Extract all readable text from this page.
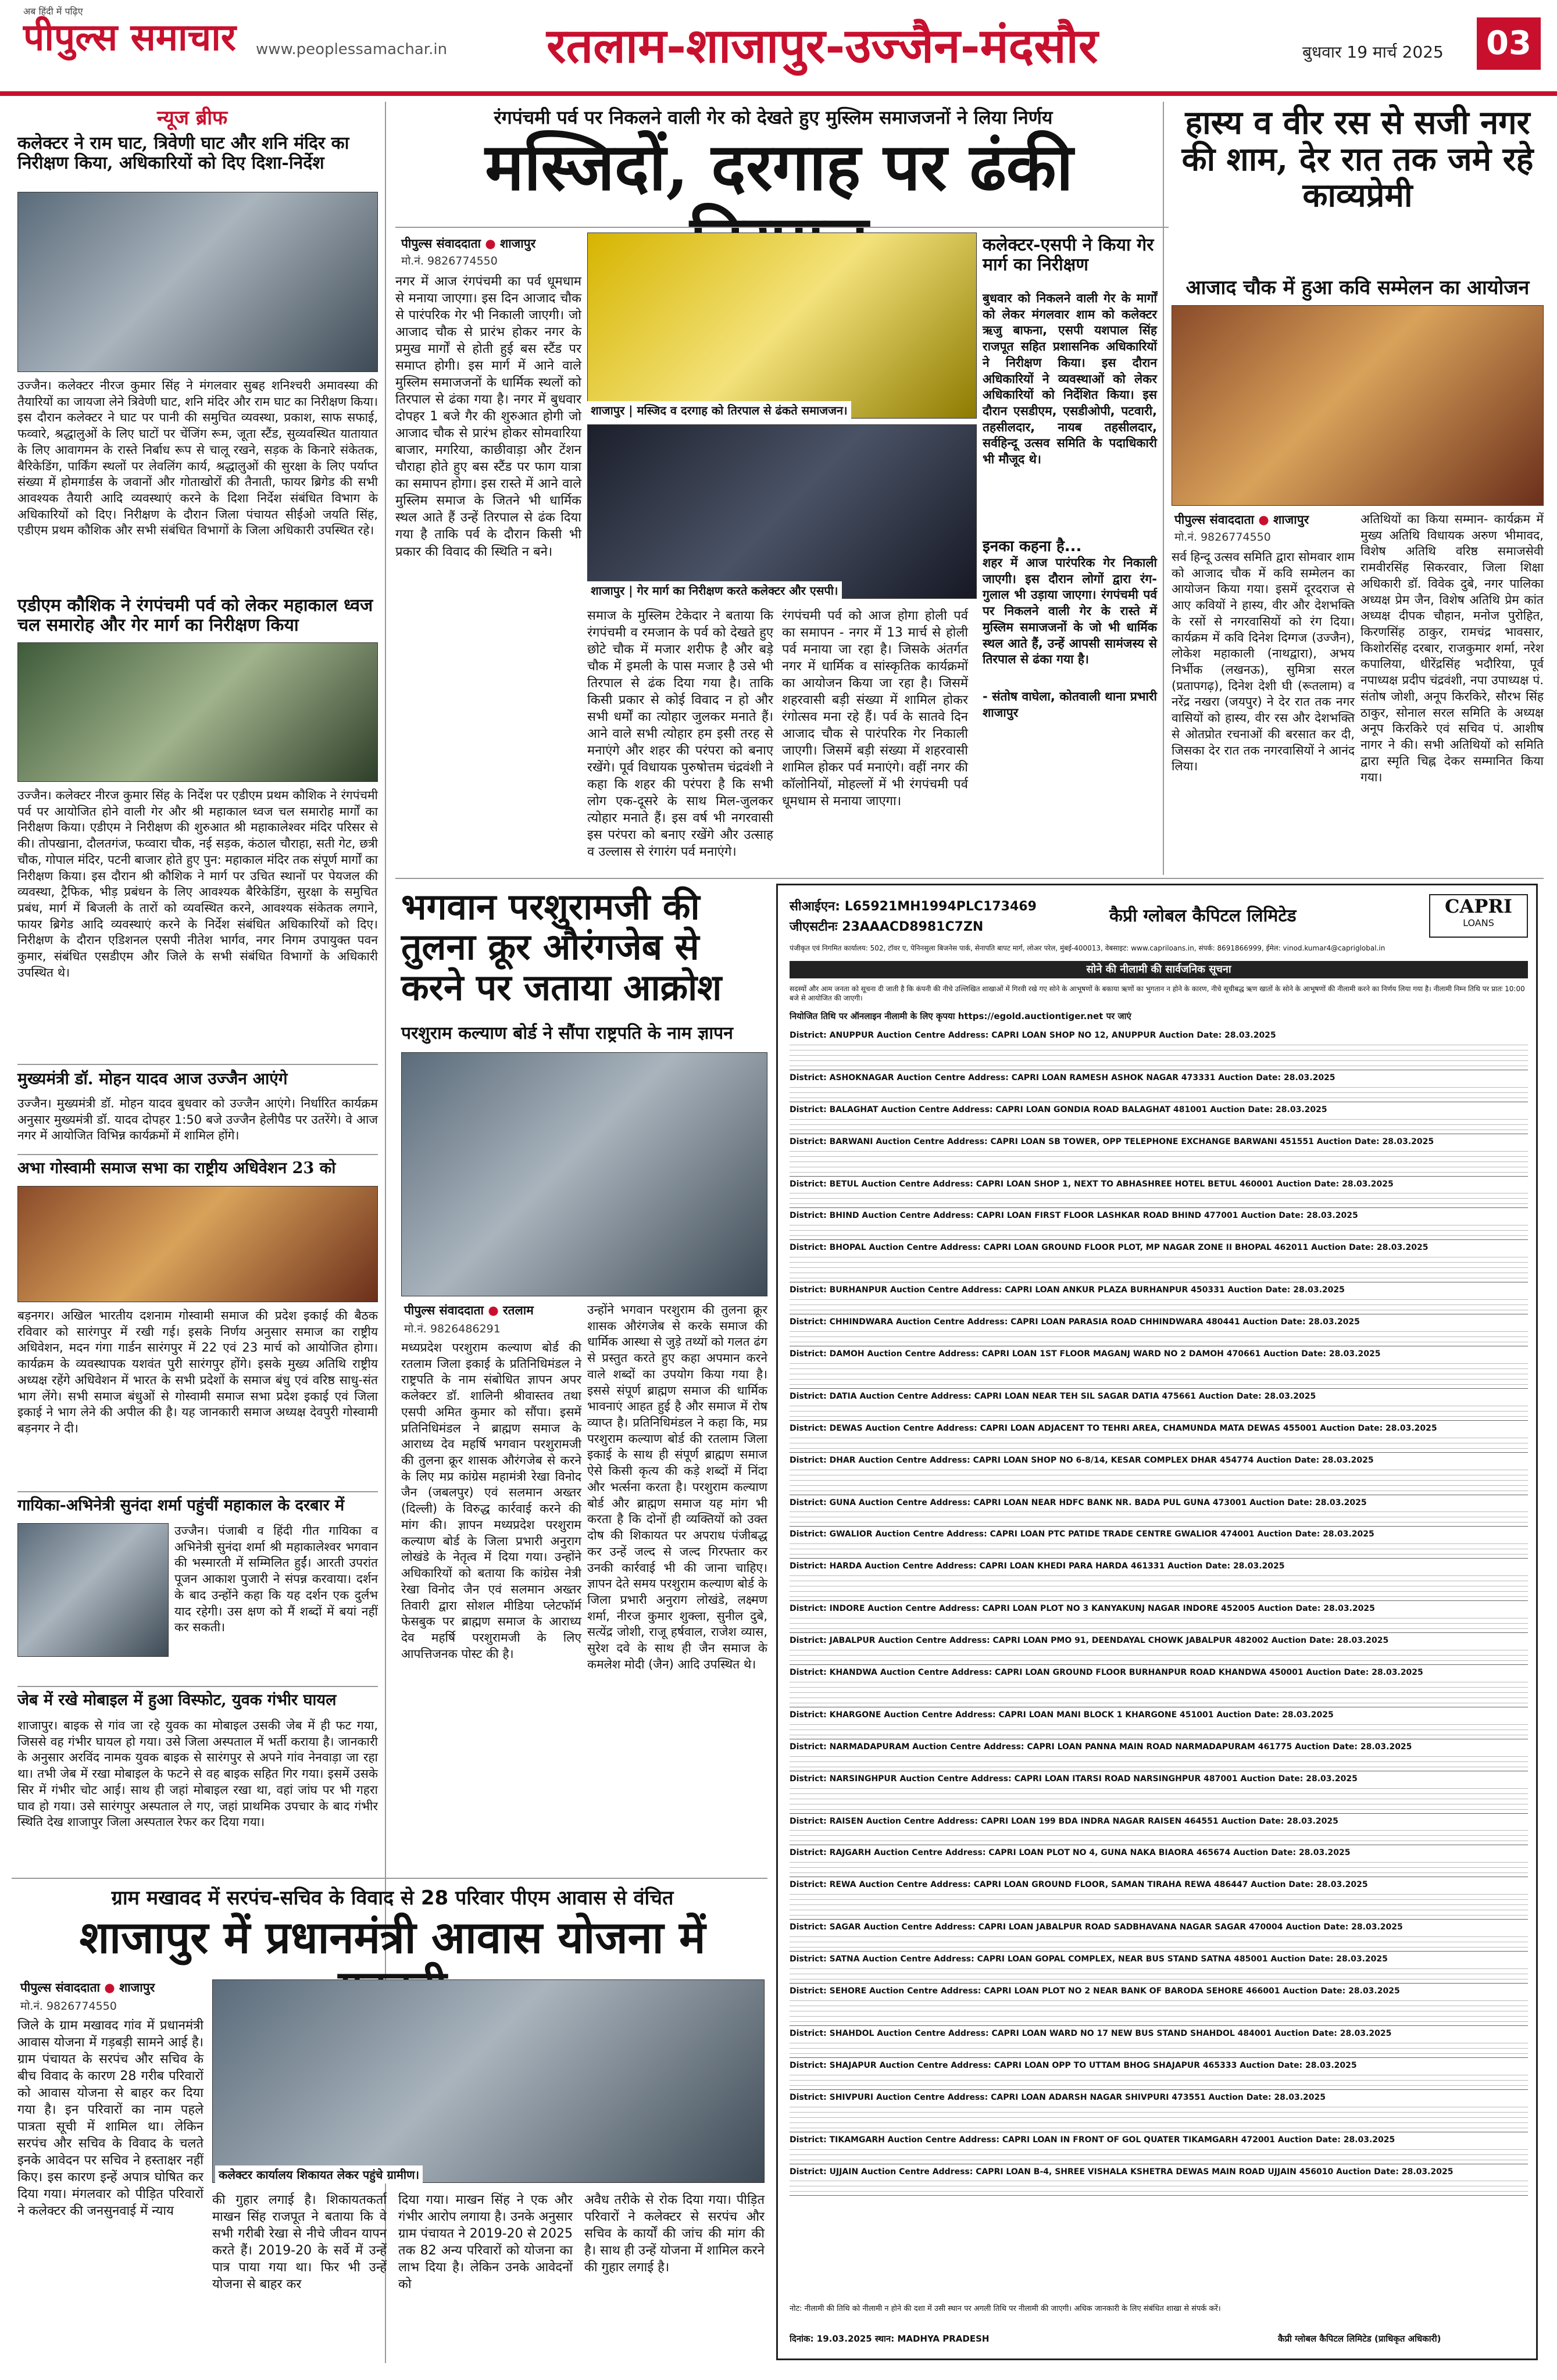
अब हिंदी में पढ़िए
पीपुल्स समाचार www.peoplessamachar.in रतलाम-शाजापुर-उज्जैन-मंदसौर	बुधवार 19 मार्च 2025 03
न्यूज ब्रीफ
कलेक्टर ने राम घाट, त्रिवेणी घाट और शनि मंदिर का निरीक्षण किया, अधिकारियों को दिए दिशा-निर्देश
उज्जैन। कलेक्टर नीरज कुमार सिंह ने मंगलवार सुबह शनिश्चरी अमावस्या की तैयारियों का जायजा लेने त्रिवेणी घाट, शनि मंदिर और राम घाट का निरीक्षण किया। इस दौरान कलेक्टर ने घाट पर पानी की समुचित व्यवस्था, प्रकाश, साफ सफाई, फव्वारे, श्रद्धालुओं के लिए घाटों पर चेंजिंग रूम, जूता स्टैंड, सुव्यवस्थित यातायात के लिए आवागमन के रास्ते निर्बाध रूप से चालू रखने, सड़क के किनारे संकेतक, बैरिकेडिंग, पार्किंग स्थलों पर लेवलिंग कार्य, श्रद्धालुओं की सुरक्षा के लिए पर्याप्त संख्या में होमगार्डस के जवानों और गोताखोरों की तैनाती, फायर ब्रिगेड की सभी आवश्यक तैयारी आदि व्यवस्थाएं करने के दिशा निर्देश संबंधित विभाग के अधिकारियों को दिए। निरीक्षण के दौरान जिला पंचायत सीईओ जयति सिंह, एडीएम प्रथम कौशिक और सभी संबंधित विभागों के जिला अधिकारी उपस्थित रहे।
एडीएम कौशिक ने रंगपंचमी पर्व को लेकर महाकाल ध्वज चल समारोह और गेर मार्ग का निरीक्षण किया
उज्जैन। कलेक्टर नीरज कुमार सिंह के निर्देश पर एडीएम प्रथम कौशिक ने रंगपंचमी पर्व पर आयोजित होने वाली गेर और श्री महाकाल ध्वज चल समारोह मार्गों का निरीक्षण किया। एडीएम ने निरीक्षण की शुरुआत श्री महाकालेश्वर मंदिर परिसर से की। तोपखाना, दौलतगंज, फव्वारा चौक, नई सड़क, कंठाल चौराहा, सती गेट, छत्री चौक, गोपाल मंदिर, पटनी बाजार होते हुए पुन: महाकाल मंदिर तक संपूर्ण मार्गों का निरीक्षण किया। इस दौरान श्री कौशिक ने मार्ग पर उचित स्थानों पर पेयजल की व्यवस्था, ट्रैफिक, भीड़ प्रबंधन के लिए आवश्यक बैरिकेडिंग, सुरक्षा के समुचित प्रबंध, मार्ग में बिजली के तारों को व्यवस्थित करने, आवश्यक संकेतक लगाने, फायर ब्रिगेड आदि व्यवस्थाएं करने के निर्देश संबंधित अधिकारियों को दिए। निरीक्षण के दौरान एडिशनल एसपी नीतेश भार्गव, नगर निगम उपायुक्त पवन कुमार, संबंधित एसडीएम और जिले के सभी संबंधित विभागों के अधिकारी उपस्थित थे।
मुख्यमंत्री डॉ. मोहन यादव आज उज्जैन आएंगे
उज्जैन। मुख्यमंत्री डॉ. मोहन यादव बुधवार को उज्जैन आएंगे। निर्धारित कार्यक्रम अनुसार मुख्यमंत्री डॉ. यादव दोपहर 1:50 बजे उज्जैन हेलीपैड पर उतरेंगे। वे आज नगर में आयोजित विभिन्न कार्यक्रमों में शामिल होंगे।
अभा गोस्वामी समाज सभा का राष्ट्रीय अधिवेशन 23 को
बड़नगर। अखिल भारतीय दशनाम गोस्वामी समाज की प्रदेश इकाई की बैठक रविवार को सारंगपुर में रखी गई। इसके निर्णय अनुसार समाज का राष्ट्रीय अधिवेशन, मदन गंगा गार्डन सारंगपुर में 22 एवं 23 मार्च को आयोजित होगा। कार्यक्रम के व्यवस्थापक यशवंत पुरी सारंगपुर होंगे। इसके मुख्य अतिथि राष्ट्रीय अध्यक्ष रहेंगे अधिवेशन में भारत के सभी प्रदेशों के समाज बंधु एवं वरिष्ठ साधु-संत भाग लेंगे। सभी समाज बंधुओं से गोस्वामी समाज सभा प्रदेश इकाई एवं जिला इकाई ने भाग लेने की अपील की है। यह जानकारी समाज अध्यक्ष देवपुरी गोस्वामी बड़नगर ने दी।
गायिका-अभिनेत्री सुनंदा शर्मा पहुंचीं महाकाल के दरबार में
उज्जैन। पंजाबी व हिंदी गीत गायिका व अभिनेत्री सुनंदा शर्मा श्री महाकालेश्वर भगवान की भस्मारती में सम्मिलित हुईं। आरती उपरांत पूजन आकाश पुजारी ने संपन्न करवाया। दर्शन के बाद उन्होंने कहा कि यह दर्शन एक दुर्लभ याद रहेगी। उस क्षण को मैं शब्दों में बयां नहीं कर सकती।
जेब में रखे मोबाइल में हुआ विस्फोट, युवक गंभीर घायल
शाजापुर। बाइक से गांव जा रहे युवक का मोबाइल उसकी जेब में ही फट गया, जिससे वह गंभीर घायल हो गया। उसे जिला अस्पताल में भर्ती कराया है। जानकारी के अनुसार अरविंद नामक युवक बाइक से सारंगपुर से अपने गांव नेनवाड़ा जा रहा था। तभी जेब में रखा मोबाइल के फटने से वह बाइक सहित गिर गया। इसमें उसके सिर में गंभीर चोट आई। साथ ही जहां मोबाइल रखा था, वहां जांघ पर भी गहरा घाव हो गया। उसे सारंगपुर अस्पताल ले गए, जहां प्राथमिक उपचार के बाद गंभीर स्थिति देख शाजापुर जिला अस्पताल रेफर कर दिया गया।
रंगपंचमी पर्व पर निकलने वाली गेर को देखते हुए मुस्लिम समाजजनों ने लिया निर्णय
मस्जिदों, दरगाह पर ढंकी
पीपुल्स संवाददाता ● शाजापुर
मो.नं. 9826774550
नगर में आज रंगपंचमी का पर्व धूमधाम से मनाया जाएगा। इस दिन आजाद चौक से पारंपरिक गेर भी निकाली जाएगी। जो आजाद चौक से प्रारंभ होकर नगर के प्रमुख मार्गों से होती हुई बस स्टैंड पर समाप्त होगी। इस मार्ग में आने वाले मुस्लिम समाजजनों के धार्मिक स्थलों को तिरपाल से ढंका गया है। नगर में बुधवार दोपहर 1 बजे गैर की शुरुआत होगी जो आजाद चौक से प्रारंभ होकर सोमवारिया बाजार, मगरिया, काछीवाड़ा और टेंशन चौराहा होते हुए बस स्टैंड पर फाग यात्रा का समापन होगा। इस रास्ते में आने वाले मुस्लिम समाज के जितने भी धार्मिक स्थल आते हैं उन्हें तिरपाल से ढंक दिया गया है ताकि पर्व के दौरान किसी भी प्रकार की विवाद की स्थिति न बने।
समाज के मुस्लिम टेकेदार ने बताया कि रंगपंचमी व रमजान के पर्व को देखते हुए छोटे चौक में मजार शरीफ है और बड़े चौक में इमली के पास मजार है उसे भी तिरपाल से ढंक दिया गया है। ताकि किसी प्रकार से कोई विवाद न हो और सभी धर्मों का त्योहार जुलकर मनाते हैं। आने वाले सभी त्योहार हम इसी तरह से मनाएंगे और शहर की परंपरा को बनाए रखेंगे। पूर्व विधायक पुरुषोत्तम चंद्रवंशी ने कहा कि शहर की परंपरा है कि सभी लोग एक-दूसरे के साथ मिल-जुलकर त्योहार मनाते हैं। इस वर्ष भी नगरवासी इस परंपरा को बनाए रखेंगे और उत्साह व उल्लास से रंगारंग पर्व मनाएंगे।
रंगपंचमी पर्व को आज होगा होली पर्व का समापन - नगर में 13 मार्च से होली पर्व मनाया जा रहा है। जिसके अंतर्गत नगर में धार्मिक व सांस्कृतिक कार्यक्रमों का आयोजन किया जा रहा है। जिसमें शहरवासी बड़ी संख्या में शामिल होकर रंगोत्सव मना रहे हैं। पर्व के सातवे दिन आजाद चौक से पारंपरिक गेर निकाली जाएगी। जिसमें बड़ी संख्या में शहरवासी शामिल होकर पर्व मनाएंगे। वहीं नगर की कॉलोनियों, मोहल्लों में भी रंगपंचमी पर्व धूमधाम से मनाया जाएगा।
शाजापुर | मस्जिद व दरगाह को तिरपाल से ढंकते समाजजन।
शाजापुर | गेर मार्ग का निरीक्षण करते कलेक्टर और एसपी।
कलेक्टर-एसपी ने किया गेर मार्ग का निरीक्षण
बुधवार को निकलने वाली गेर के मार्गों को लेकर मंगलवार शाम को कलेक्टर ऋजु बाफना, एसपी यशपाल सिंह राजपूत सहित प्रशासनिक अधिकारियों ने निरीक्षण किया। इस दौरान अधिकारियों ने व्यवस्थाओं को लेकर अधिकारियों को निर्देशित किया। इस दौरान एसडीएम, एसडीओपी, पटवारी, तहसीलदार, नायब तहसीलदार, सर्वहिन्दू उत्सव समिति के पदाधिकारी भी मौजूद थे।
इनका कहना है...
शहर में आज पारंपरिक गेर निकाली जाएगी। इस दौरान लोगों द्वारा रंग-गुलाल भी उड़ाया जाएगा। रंगपंचमी पर्व पर निकलने वाली गेर के रास्ते में मुस्लिम समाजजनों के जो भी धार्मिक स्थल आते हैं, उन्हें आपसी सामंजस्य से तिरपाल से ढंका गया है।
- संतोष वाघेला, कोतवाली थाना प्रभारी शाजापुर
हास्य व वीर रस से सजी नगर की शाम, देर रात तक जमे रहे काव्यप्रेमी
आजाद चौक में हुआ कवि सम्मेलन का आयोजन
पीपुल्स संवाददाता ● शाजापुर
मो.नं. 9826774550
सर्व हिन्दू उत्सव समिति द्वारा सोमवार शाम को आजाद चौक में कवि सम्मेलन का आयोजन किया गया। इसमें दूरदराज से आए कवियों ने हास्य, वीर और देशभक्ति के रसों से नगरवासियों को रंग दिया। कार्यक्रम में कवि दिनेश दिग्गज (उज्जैन), लोकेश महाकाली (नाथद्वारा), अभय निर्भीक (लखनऊ), सुमित्रा सरल (प्रतापगढ़), दिनेश देशी घी (रूतलाम) व नरेंद्र नखरा (जयपुर) ने देर रात तक नगर वासियों को हास्य, वीर रस और देशभक्ति से ओतप्रोत रचनाओं की बरसात कर दी, जिसका देर रात तक नगरवासियों ने आनंद लिया।
अतिथियों का किया सम्मान- कार्यक्रम में मुख्य अतिथि विधायक अरुण भीमावद, विशेष अतिथि वरिष्ठ समाजसेवी रामवीरसिंह सिकरवार, जिला शिक्षा अधिकारी डॉ. विवेक दुबे, नगर पालिका अध्यक्ष प्रेम जैन, विशेष अतिथि प्रेम कांत अध्यक्ष दीपक चौहान, मनोज पुरोहित, किरणसिंह ठाकुर, रामचंद्र भावसार, किशोरसिंह दरबार, राजकुमार शर्मा, नरेश कपालिया, धीरेंद्रसिंह भदौरिया, पूर्व नपाध्यक्ष प्रदीप चंद्रवंशी, नपा उपाध्यक्ष पं. संतोष जोशी, अनूप किरकिरे, सौरभ सिंह ठाकुर, सोनाल सरल समिति के अध्यक्ष अनूप किरकिरे एवं सचिव पं. आशीष नागर ने की। सभी अतिथियों को समिति द्वारा स्मृति चिह्न देकर सम्मानित किया गया।
भगवान परशुरामजी की तुलना क्रूर औरंगजेब से करने पर जताया आक्रोश
परशुराम कल्याण बोर्ड ने सौंपा राष्ट्रपति के नाम ज्ञापन
पीपुल्स संवाददाता ● रतलाम
मो.नं. 9826486291
मध्यप्रदेश परशुराम कल्याण बोर्ड की रतलाम जिला इकाई के प्रतिनिधिमंडल ने राष्ट्रपति के नाम संबोधित ज्ञापन अपर कलेक्टर डॉ. शालिनी श्रीवास्तव तथा एसपी अमित कुमार को सौंपा। इसमें प्रतिनिधिमंडल ने ब्राह्मण समाज के आराध्य देव महर्षि भगवान परशुरामजी की तुलना क्रूर शासक औरंगजेब से करने के लिए मप्र कांग्रेस महामंत्री रेखा विनोद जैन (जबलपुर) एवं सलमान अख्तर (दिल्ली) के विरुद्ध कार्रवाई करने की मांग की। ज्ञापन मध्यप्रदेश परशुराम कल्याण बोर्ड के जिला प्रभारी अनुराग लोखंडे के नेतृत्व में दिया गया। उन्होंने अधिकारियों को बताया कि कांग्रेस नेत्री रेखा विनोद जैन एवं सलमान अख्तर तिवारी द्वारा सोशल मीडिया प्लेटफॉर्म फेसबुक पर ब्राह्मण समाज के आराध्य देव महर्षि परशुरामजी के लिए आपत्तिजनक पोस्ट की है।
उन्होंने भगवान परशुराम की तुलना क्रूर शासक औरंगजेब से करके समाज की धार्मिक आस्था से जुड़े तथ्यों को गलत ढंग से प्रस्तुत करते हुए कहा अपमान करने वाले शब्दों का उपयोग किया गया है। इससे संपूर्ण ब्राह्मण समाज की धार्मिक भावनाएं आहत हुई है और समाज में रोष व्याप्त है। प्रतिनिधिमंडल ने कहा कि, मप्र परशुराम कल्याण बोर्ड की रतलाम जिला इकाई के साथ ही संपूर्ण ब्राह्मण समाज ऐसे किसी कृत्य की कड़े शब्दों में निंदा और भर्त्सना करता है। परशुराम कल्याण बोर्ड और ब्राह्मण समाज यह मांग भी करता है कि दोनों ही व्यक्तियों को उक्त दोष की शिकायत पर अपराध पंजीबद्ध कर उन्हें जल्द से जल्द गिरफ्तार कर उनकी कार्रवाई भी की जाना चाहिए। ज्ञापन देते समय परशुराम कल्याण बोर्ड के जिला प्रभारी अनुराग लोखंडे, लक्ष्मण शर्मा, नीरज कुमार शुक्ला, सुनील दुबे, सत्येंद्र जोशी, राजू हर्षवाल, राजेश व्यास, सुरेश दवे के साथ ही जैन समाज के कमलेश मोदी (जैन) आदि उपस्थित थे।
सीआईएन: L65921MH1994PLC173469
जीएसटीनः 23AAACD8981C7ZN
कैप्री ग्लोबल कैपिटल लिमिटेड	CAPRI
LOANS
पंजीकृत एवं निगमित कार्यालय: 502, टॉवर ए, पेनिनसुला बिजनेस पार्क, सेनापति बापट मार्ग, लोअर परेल, मुंबई-400013, वेबसाइट: www.capriloans.in, संपर्क: 8691866999, ईमेल: vinod.kumar4@capriglobal.in
सोने की नीलामी की सार्वजनिक सूचना
सदस्यों और आम जनता को सूचना दी जाती है कि कंपनी की नीचे उल्लिखित शाखाओं में गिरवी रखे गए सोने के आभूषणों के बकाया ऋणों का भुगतान न होने के कारण, नीचे सूचीबद्ध ऋण खातों के सोने के आभूषणों की नीलामी करने का निर्णय लिया गया है। नीलामी निम्न तिथि पर प्रातः 10:00 बजे से आयोजित की जाएगी।
नियोजित तिथि पर ऑनलाइन नीलामी के लिए कृपया https://egold.auctiontiger.net पर जाएं
District: ANUPPUR Auction Centre Address: CAPRI LOAN SHOP NO 12, ANUPPUR Auction Date: 28.03.2025
District: ASHOKNAGAR Auction Centre Address: CAPRI LOAN RAMESH ASHOK NAGAR 473331 Auction Date: 28.03.2025
District: BALAGHAT Auction Centre Address: CAPRI LOAN GONDIA ROAD BALAGHAT 481001 Auction Date: 28.03.2025
District: BARWANI Auction Centre Address: CAPRI LOAN SB TOWER, OPP TELEPHONE EXCHANGE BARWANI 451551 Auction Date: 28.03.2025
District: BETUL Auction Centre Address: CAPRI LOAN SHOP 1, NEXT TO ABHASHREE HOTEL BETUL 460001 Auction Date: 28.03.2025
District: BHIND Auction Centre Address: CAPRI LOAN FIRST FLOOR LASHKAR ROAD BHIND 477001 Auction Date: 28.03.2025
District: BHOPAL Auction Centre Address: CAPRI LOAN GROUND FLOOR PLOT, MP NAGAR ZONE II BHOPAL 462011 Auction Date: 28.03.2025
District: BURHANPUR Auction Centre Address: CAPRI LOAN ANKUR PLAZA BURHANPUR 450331 Auction Date: 28.03.2025
District: CHHINDWARA Auction Centre Address: CAPRI LOAN PARASIA ROAD CHHINDWARA 480441 Auction Date: 28.03.2025
District: DAMOH Auction Centre Address: CAPRI LOAN 1ST FLOOR MAGANJ WARD NO 2 DAMOH 470661 Auction Date: 28.03.2025
District: DATIA Auction Centre Address: CAPRI LOAN NEAR TEH SIL SAGAR DATIA 475661 Auction Date: 28.03.2025
District: DEWAS Auction Centre Address: CAPRI LOAN ADJACENT TO TEHRI AREA, CHAMUNDA MATA DEWAS 455001 Auction Date: 28.03.2025
District: DHAR Auction Centre Address: CAPRI LOAN SHOP NO 6-8/14, KESAR COMPLEX DHAR 454774 Auction Date: 28.03.2025
District: GUNA Auction Centre Address: CAPRI LOAN NEAR HDFC BANK NR. BADA PUL GUNA 473001 Auction Date: 28.03.2025
District: GWALIOR Auction Centre Address: CAPRI LOAN PTC PATIDE TRADE CENTRE GWALIOR 474001 Auction Date: 28.03.2025
District: HARDA Auction Centre Address: CAPRI LOAN KHEDI PARA HARDA 461331 Auction Date: 28.03.2025
District: INDORE Auction Centre Address: CAPRI LOAN PLOT NO 3 KANYAKUNJ NAGAR INDORE 452005 Auction Date: 28.03.2025
District: JABALPUR Auction Centre Address: CAPRI LOAN PMO 91, DEENDAYAL CHOWK JABALPUR 482002 Auction Date: 28.03.2025
District: KHANDWA Auction Centre Address: CAPRI LOAN GROUND FLOOR BURHANPUR ROAD KHANDWA 450001 Auction Date: 28.03.2025
District: KHARGONE Auction Centre Address: CAPRI LOAN MANI BLOCK 1 KHARGONE 451001 Auction Date: 28.03.2025
District: NARMADAPURAM Auction Centre Address: CAPRI LOAN PANNA MAIN ROAD NARMADAPURAM 461775 Auction Date: 28.03.2025
District: NARSINGHPUR Auction Centre Address: CAPRI LOAN ITARSI ROAD NARSINGHPUR 487001 Auction Date: 28.03.2025
District: RAISEN Auction Centre Address: CAPRI LOAN 199 BDA INDRA NAGAR RAISEN 464551 Auction Date: 28.03.2025
District: RAJGARH Auction Centre Address: CAPRI LOAN PLOT NO 4, GUNA NAKA BIAORA 465674 Auction Date: 28.03.2025
District: REWA Auction Centre Address: CAPRI LOAN GROUND FLOOR, SAMAN TIRAHA REWA 486447 Auction Date: 28.03.2025
District: SAGAR Auction Centre Address: CAPRI LOAN JABALPUR ROAD SADBHAVANA NAGAR SAGAR 470004 Auction Date: 28.03.2025
District: SATNA Auction Centre Address: CAPRI LOAN GOPAL COMPLEX, NEAR BUS STAND SATNA 485001 Auction Date: 28.03.2025
District: SEHORE Auction Centre Address: CAPRI LOAN PLOT NO 2 NEAR BANK OF BARODA SEHORE 466001 Auction Date: 28.03.2025
District: SHAHDOL Auction Centre Address: CAPRI LOAN WARD NO 17 NEW BUS STAND SHAHDOL 484001 Auction Date: 28.03.2025
District: SHAJAPUR Auction Centre Address: CAPRI LOAN OPP TO UTTAM BHOG SHAJAPUR 465333 Auction Date: 28.03.2025
District: SHIVPURI Auction Centre Address: CAPRI LOAN ADARSH NAGAR SHIVPURI 473551 Auction Date: 28.03.2025
District: TIKAMGARH Auction Centre Address: CAPRI LOAN IN FRONT OF GOL QUATER TIKAMGARH 472001 Auction Date: 28.03.2025
District: UJJAIN Auction Centre Address: CAPRI LOAN B-4, SHREE VISHALA KSHETRA DEWAS MAIN ROAD UJJAIN 456010 Auction Date: 28.03.2025
नोट: नीलामी की तिथि को नीलामी न होने की दशा में उसी स्थान पर अगली तिथि पर नीलामी की जाएगी। अधिक जानकारी के लिए संबंधित शाखा से संपर्क करें।
दिनांक: 19.03.2025 स्थान: MADHYA PRADESH	कैप्री ग्लोबल कैपिटल लिमिटेड (प्राधिकृत अधिकारी)
ग्राम मखावद में सरपंच-सचिव के विवाद से 28 परिवार पीएम आवास से वंचित
शाजापुर में प्रधानमंत्री आवास योजना में
पीपुल्स संवाददाता ● शाजापुर
मो.नं. 9826774550
जिले के ग्राम मखावद गांव में प्रधानमंत्री आवास योजना में गड़बड़ी सामने आई है। ग्राम पंचायत के सरपंच और सचिव के बीच विवाद के कारण 28 गरीब परिवारों को आवास योजना से बाहर कर दिया गया है। इन परिवारों का नाम पहले पात्रता सूची में शामिल था। लेकिन सरपंच और सचिव के विवाद के चलते इनके आवेदन पर सचिव ने हस्ताक्षर नहीं किए। इस कारण इन्हें अपात्र घोषित कर दिया गया। मंगलवार को पीड़ित परिवारों ने कलेक्टर की जनसुनवाई में न्याय
कलेक्टर कार्यालय शिकायत लेकर पहुंचे ग्रामीण।
की गुहार लगाई है। शिकायतकर्ता माखन सिंह राजपूत ने बताया कि वे सभी गरीबी रेखा से नीचे जीवन यापन करते हैं। 2019-20 के सर्वे में उन्हें पात्र पाया गया था। फिर भी उन्हें योजना से बाहर कर
दिया गया। माखन सिंह ने एक और गंभीर आरोप लगाया है। उनके अनुसार ग्राम पंचायत ने 2019-20 से 2025 तक 82 अन्य परिवारों को योजना का लाभ दिया है। लेकिन उनके आवेदनों को
अवैध तरीके से रोक दिया गया। पीड़ित परिवारों ने कलेक्टर से सरपंच और सचिव के कार्यों की जांच की मांग की है। साथ ही उन्हें योजना में शामिल करने की गुहार लगाई है।
